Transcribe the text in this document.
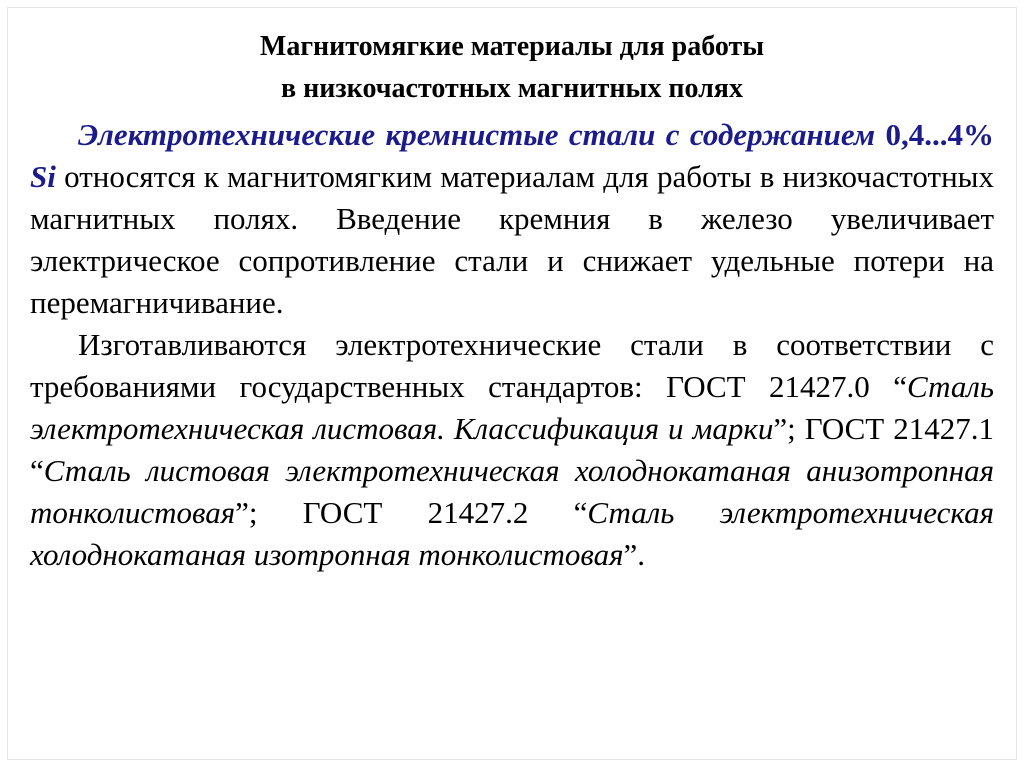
Магнитомягкие материалы для работы
в низкочастотных магнитных полях

Электротехнические кремнистые стали с содержанием 0,4...4% Si относятся к магнитомягким материалам для работы в низкочастотных магнитных полях. Введение кремния в железо увеличивает электрическое сопротивление стали и снижает удельные потери на перемагничивание.

Изготавливаются электротехнические стали в соответствии с требованиями государственных стандартов: ГОСТ 21427.0 “Сталь электротехническая листовая. Классификация и марки”; ГОСТ 21427.1 “Сталь листовая электротехническая холоднокатаная анизотропная тонколистовая”; ГОСТ 21427.2 “Сталь электротехническая холоднокатаная изотропная тонколистовая”.
